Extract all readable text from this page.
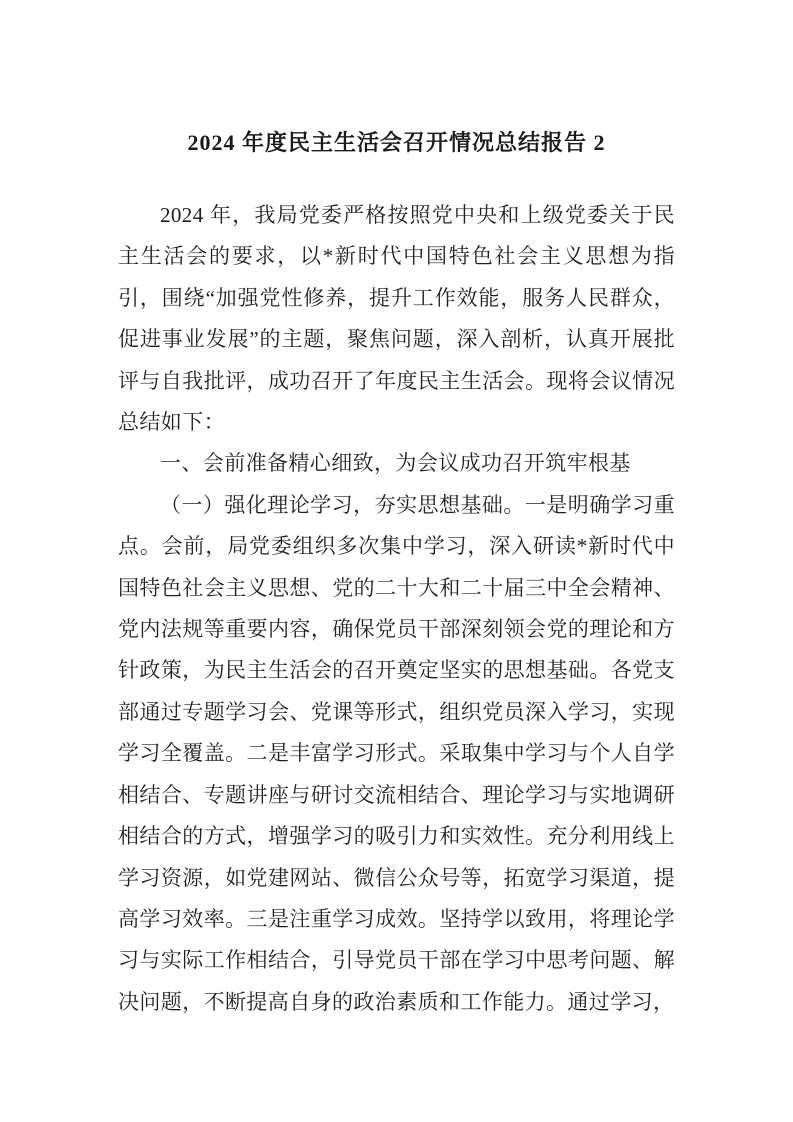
2024 年度民主生活会召开情况总结报告 2

2024 年，我局党委严格按照党中央和上级党委关于民主生活会的要求，以*新时代中国特色社会主义思想为指引，围绕“加强党性修养，提升工作效能，服务人民群众，促进事业发展”的主题，聚焦问题，深入剖析，认真开展批评与自我批评，成功召开了年度民主生活会。现将会议情况总结如下：

一、会前准备精心细致，为会议成功召开筑牢根基

（一）强化理论学习，夯实思想基础。一是明确学习重点。会前，局党委组织多次集中学习，深入研读*新时代中国特色社会主义思想、党的二十大和二十届三中全会精神、党内法规等重要内容，确保党员干部深刻领会党的理论和方针政策，为民主生活会的召开奠定坚实的思想基础。各党支部通过专题学习会、党课等形式，组织党员深入学习，实现学习全覆盖。二是丰富学习形式。采取集中学习与个人自学相结合、专题讲座与研讨交流相结合、理论学习与实地调研相结合的方式，增强学习的吸引力和实效性。充分利用线上学习资源，如党建网站、微信公众号等，拓宽学习渠道，提高学习效率。三是注重学习成效。坚持学以致用，将理论学习与实际工作相结合，引导党员干部在学习中思考问题、解决问题，不断提高自身的政治素质和工作能力。通过学习，
